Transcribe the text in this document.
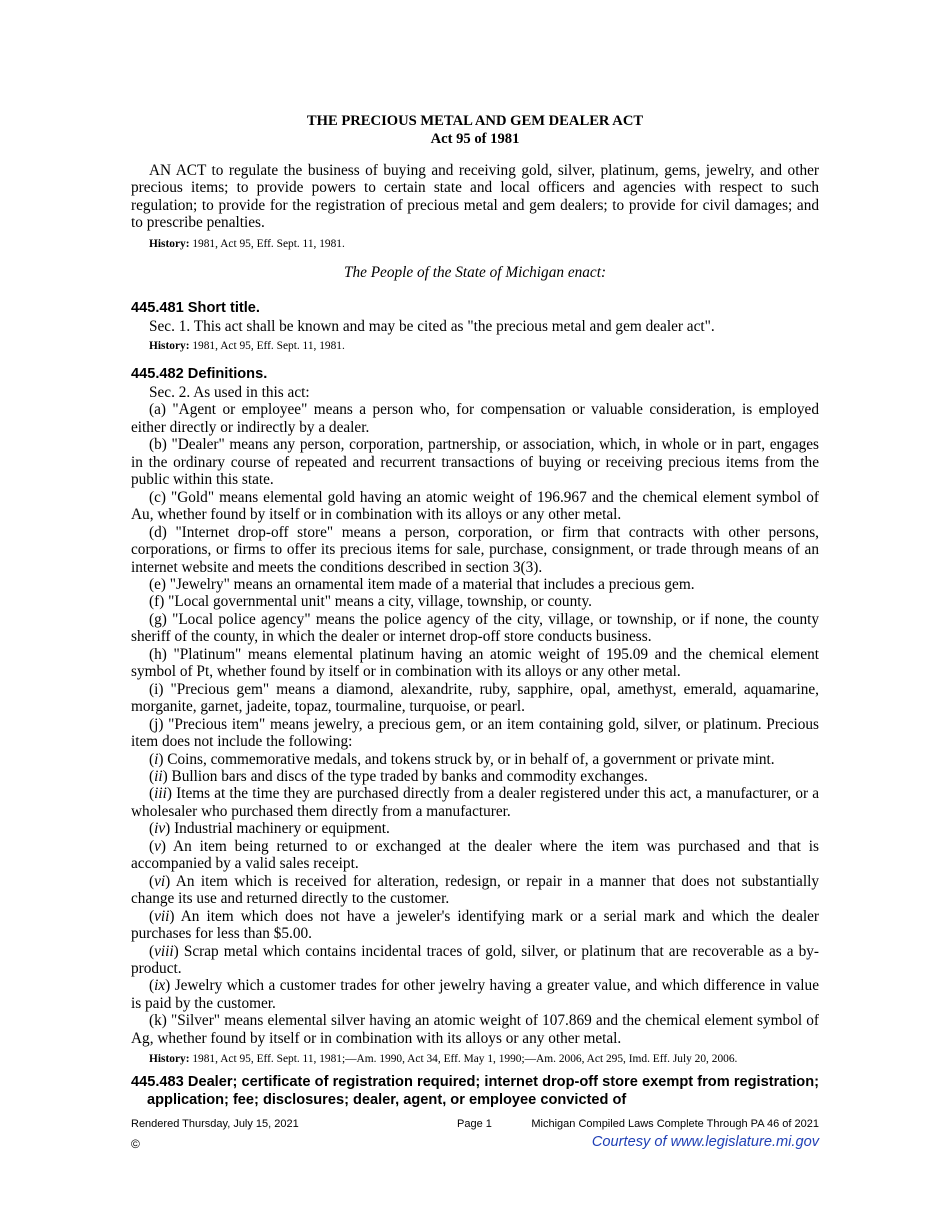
THE PRECIOUS METAL AND GEM DEALER ACT
Act 95 of 1981

AN ACT to regulate the business of buying and receiving gold, silver, platinum, gems, jewelry, and other precious items; to provide powers to certain state and local officers and agencies with respect to such regulation; to provide for the registration of precious metal and gem dealers; to provide for civil damages; and to prescribe penalties.

History: 1981, Act 95, Eff. Sept. 11, 1981.

The People of the State of Michigan enact:

445.481 Short title.

Sec. 1. This act shall be known and may be cited as "the precious metal and gem dealer act".

History: 1981, Act 95, Eff. Sept. 11, 1981.

445.482 Definitions.

Sec. 2. As used in this act:

(a) "Agent or employee" means a person who, for compensation or valuable consideration, is employed either directly or indirectly by a dealer.

(b) "Dealer" means any person, corporation, partnership, or association, which, in whole or in part, engages in the ordinary course of repeated and recurrent transactions of buying or receiving precious items from the public within this state.

(c) "Gold" means elemental gold having an atomic weight of 196.967 and the chemical element symbol of Au, whether found by itself or in combination with its alloys or any other metal.

(d) "Internet drop-off store" means a person, corporation, or firm that contracts with other persons, corporations, or firms to offer its precious items for sale, purchase, consignment, or trade through means of an internet website and meets the conditions described in section 3(3).

(e) "Jewelry" means an ornamental item made of a material that includes a precious gem.

(f) "Local governmental unit" means a city, village, township, or county.

(g) "Local police agency" means the police agency of the city, village, or township, or if none, the county sheriff of the county, in which the dealer or internet drop-off store conducts business.

(h) "Platinum" means elemental platinum having an atomic weight of 195.09 and the chemical element symbol of Pt, whether found by itself or in combination with its alloys or any other metal.

(i) "Precious gem" means a diamond, alexandrite, ruby, sapphire, opal, amethyst, emerald, aquamarine, morganite, garnet, jadeite, topaz, tourmaline, turquoise, or pearl.

(j) "Precious item" means jewelry, a precious gem, or an item containing gold, silver, or platinum. Precious item does not include the following:

(i) Coins, commemorative medals, and tokens struck by, or in behalf of, a government or private mint.

(ii) Bullion bars and discs of the type traded by banks and commodity exchanges.

(iii) Items at the time they are purchased directly from a dealer registered under this act, a manufacturer, or a wholesaler who purchased them directly from a manufacturer.

(iv) Industrial machinery or equipment.

(v) An item being returned to or exchanged at the dealer where the item was purchased and that is accompanied by a valid sales receipt.

(vi) An item which is received for alteration, redesign, or repair in a manner that does not substantially change its use and returned directly to the customer.

(vii) An item which does not have a jeweler's identifying mark or a serial mark and which the dealer purchases for less than $5.00.

(viii) Scrap metal which contains incidental traces of gold, silver, or platinum that are recoverable as a by-product.

(ix) Jewelry which a customer trades for other jewelry having a greater value, and which difference in value is paid by the customer.

(k) "Silver" means elemental silver having an atomic weight of 107.869 and the chemical element symbol of Ag, whether found by itself or in combination with its alloys or any other metal.

History: 1981, Act 95, Eff. Sept. 11, 1981;—Am. 1990, Act 34, Eff. May 1, 1990;—Am. 2006, Act 295, Imd. Eff. July 20, 2006.

445.483 Dealer; certificate of registration required; internet drop-off store exempt from registration; application; fee; disclosures; dealer, agent, or employee convicted of

Rendered Thursday, July 15, 2021	Page 1	Michigan Compiled Laws Complete Through PA 46 of 2021
©	Courtesy of www.legislature.mi.gov
